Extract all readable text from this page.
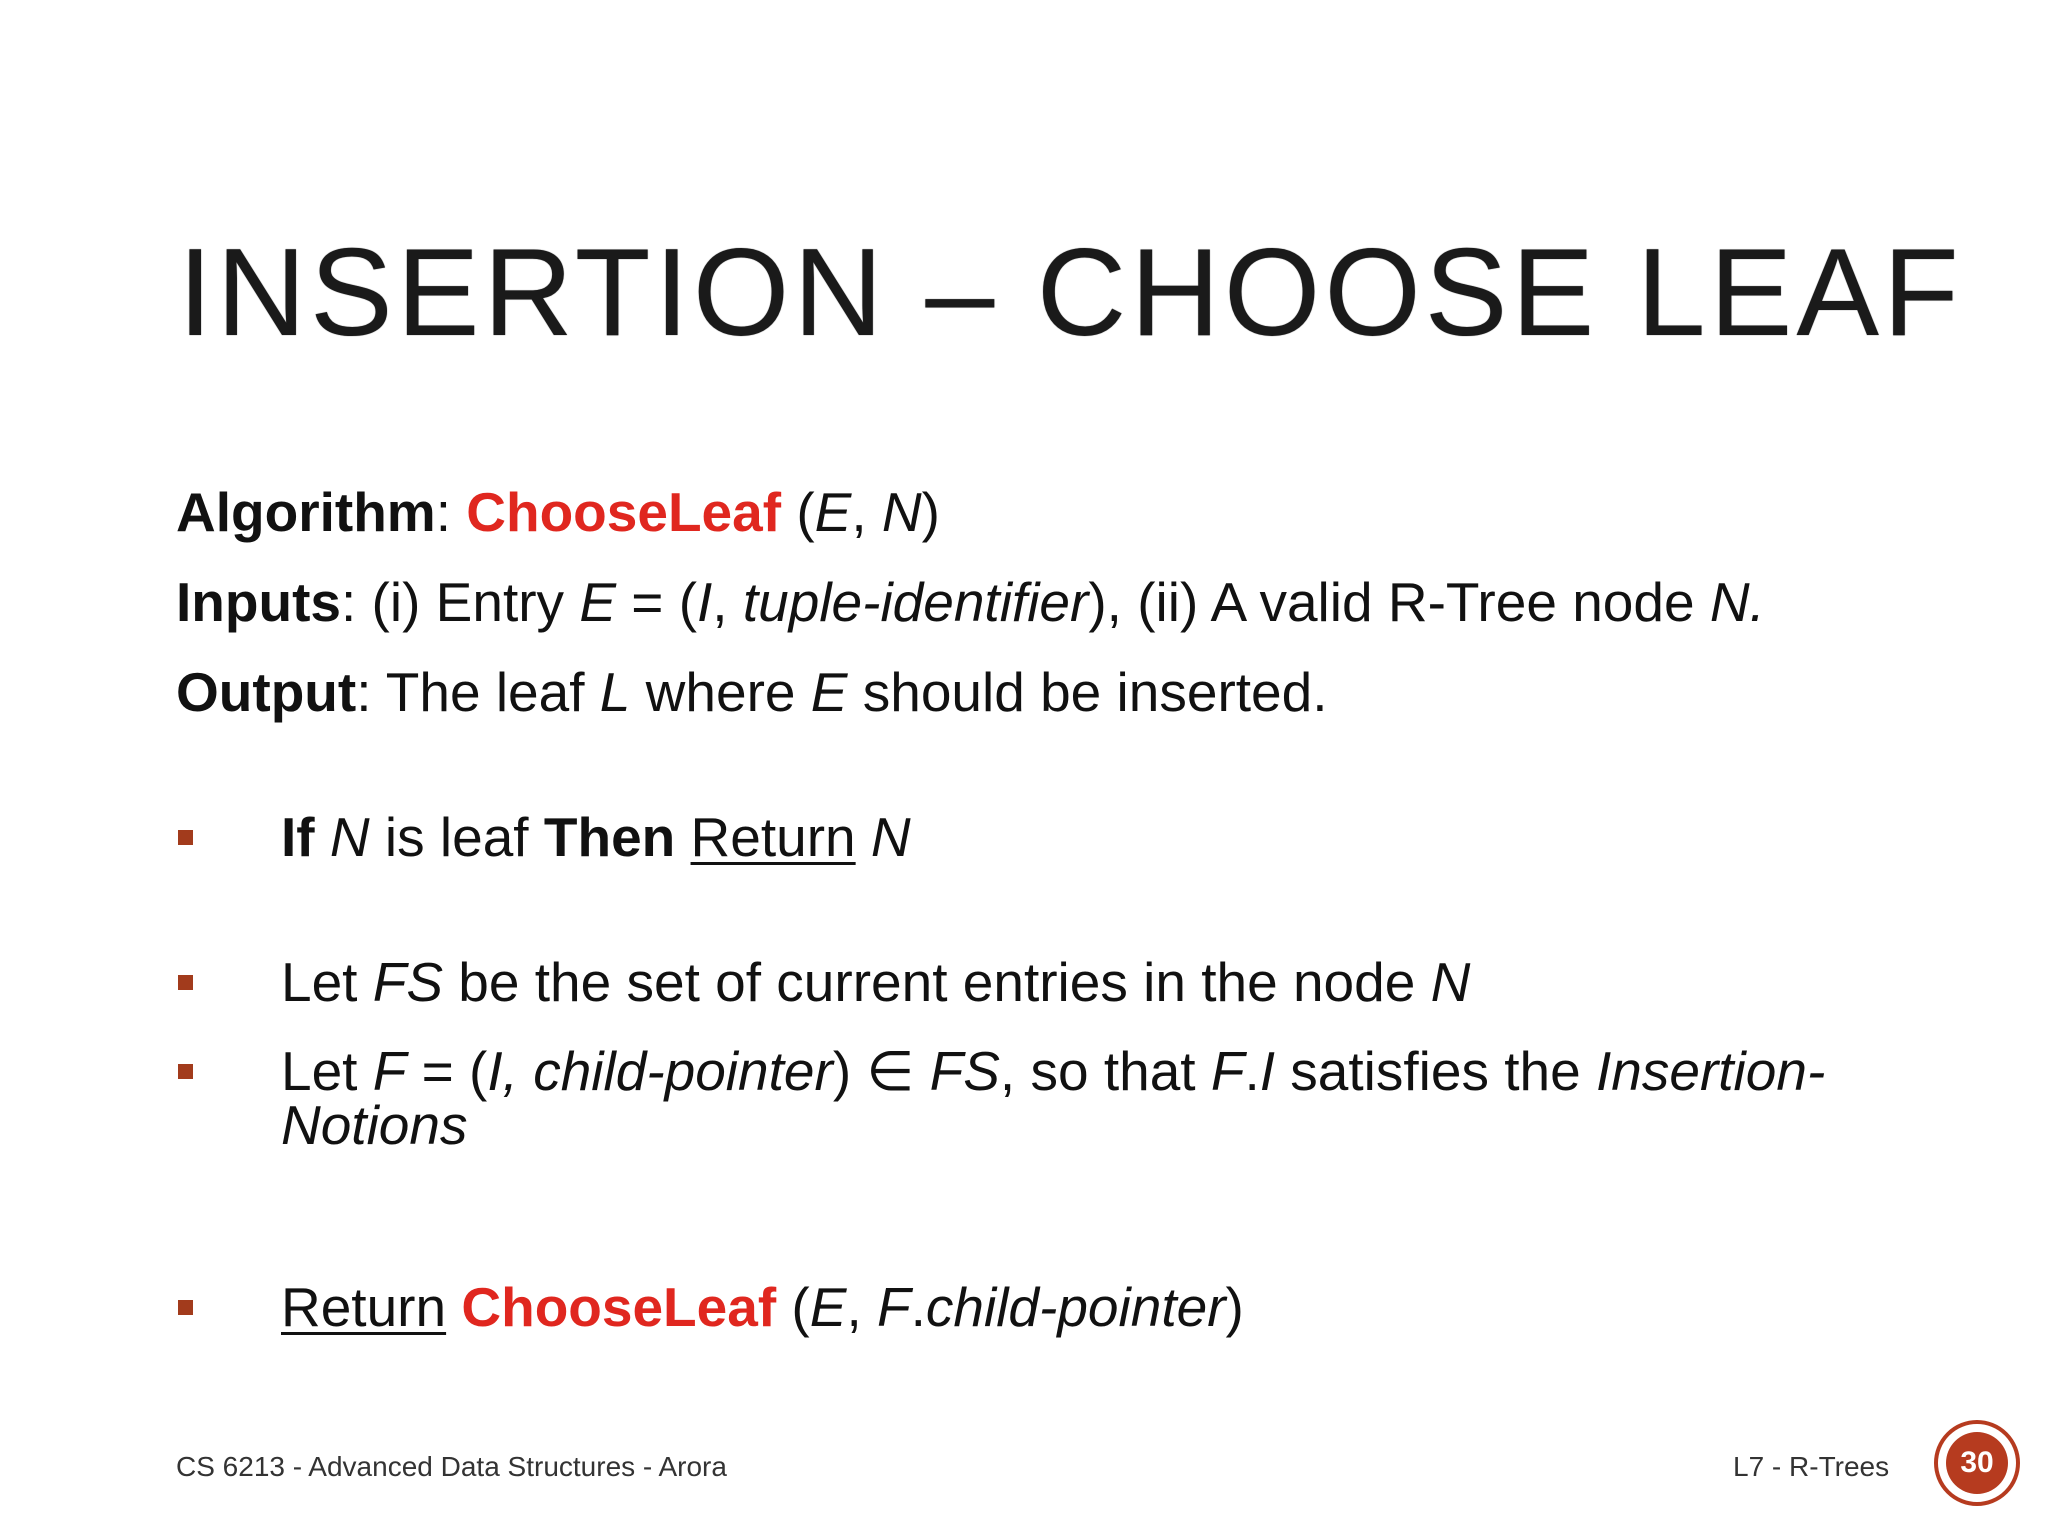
INSERTION – CHOOSE LEAF
Algorithm: ChooseLeaf (E, N)
Inputs: (i) Entry E = (I, tuple-identifier), (ii) A valid R-Tree node N.
Output: The leaf L where E should be inserted.
If N is leaf Then Return N
Let FS be the set of current entries in the node N
Let F = (I, child-pointer) ∈ FS, so that F.I satisfies the Insertion-
Notions
Return ChooseLeaf (E, F.child-pointer)
CS 6213 - Advanced Data Structures - Arora	L7 - R-Trees	30
